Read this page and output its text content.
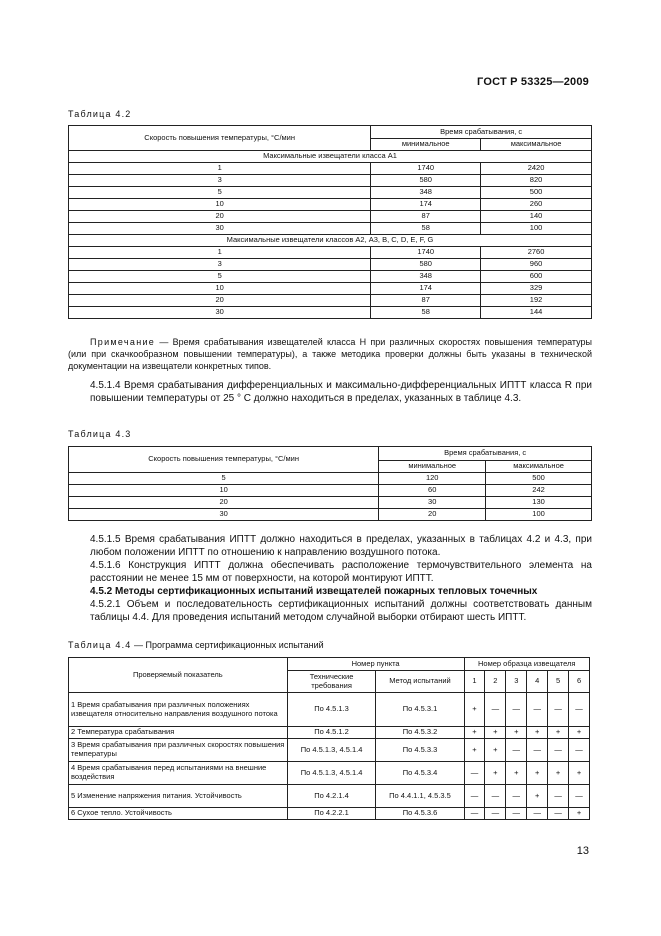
ГОСТ Р 53325—2009
Таблица 4.2
Скорость повышения температуры, °С/мин	Время срабатывания, с	
	минимальное	максимальное
Максимальные извещатели класса А1		
1	1740	2420
3	580	820
5	348	500
10	174	260
20	87	140
30	58	100
Максимальные извещатели классов А2, А3, В, С, D, Е, F, G		
1	1740	2760
3	580	960
5	348	600
10	174	329
20	87	192
30	58	144
Примечание — Время срабатывания извещателей класса Н при различных скоростях повышения температуры (или при скачкообразном повышении температуры), а также методика проверки должны быть указаны в технической документации на извещатели конкретных типов.
4.5.1.4 Время срабатывания дифференциальных и максимально-дифференциальных ИПТТ класса R при повышении температуры от 25 ° С должно находиться в пределах, указанных в таблице 4.3.
Таблица 4.3
Скорость повышения температуры, °С/мин	Время срабатывания, с	
	минимальное	максимальное
5	120	500
10	60	242
20	30	130
30	20	100
4.5.1.5 Время срабатывания ИПТТ должно находиться в пределах, указанных в таблицах 4.2 и 4.3, при любом положении ИПТТ по отношению к направлению воздушного потока.
4.5.1.6 Конструкция ИПТТ должна обеспечивать расположение термочувствительного элемента на расстоянии не менее 15 мм от поверхности, на которой монтируют ИПТТ.
4.5.2 Методы сертификационных испытаний извещателей пожарных тепловых точечных
4.5.2.1 Объем и последовательность сертификационных испытаний должны соответствовать данным таблицы 4.4. Для проведения испытаний методом случайной выборки отбирают шесть ИПТТ.
Таблица 4.4 — Программа сертификационных испытаний
Проверяемый показатель	Номер пункта		Номер образца извещателя					
	Технические требования	Метод испытаний	1	2	3	4	5	6
1 Время срабатывания при различных положениях извещателя относительно направления воздушного потока	По 4.5.1.3	По 4.5.3.1	+	—	—	—	—	—
2 Температура срабатывания	По 4.5.1.2	По 4.5.3.2	+	+	+	+	+	+
3 Время срабатывания при различных скоростях повышения температуры	По 4.5.1.3, 4.5.1.4	По 4.5.3.3	+	+	—	—	—	—
4 Время срабатывания перед испытаниями на внешние воздействия	По 4.5.1.3, 4.5.1.4	По 4.5.3.4	—	+	+	+	+	+
5 Изменение напряжения питания. Устойчивость	По 4.2.1.4	По 4.4.1.1, 4.5.3.5	—	—	—	+	—	—
6 Сухое тепло. Устойчивость	По 4.2.2.1	По 4.5.3.6	—	—	—	—	—	+
13
